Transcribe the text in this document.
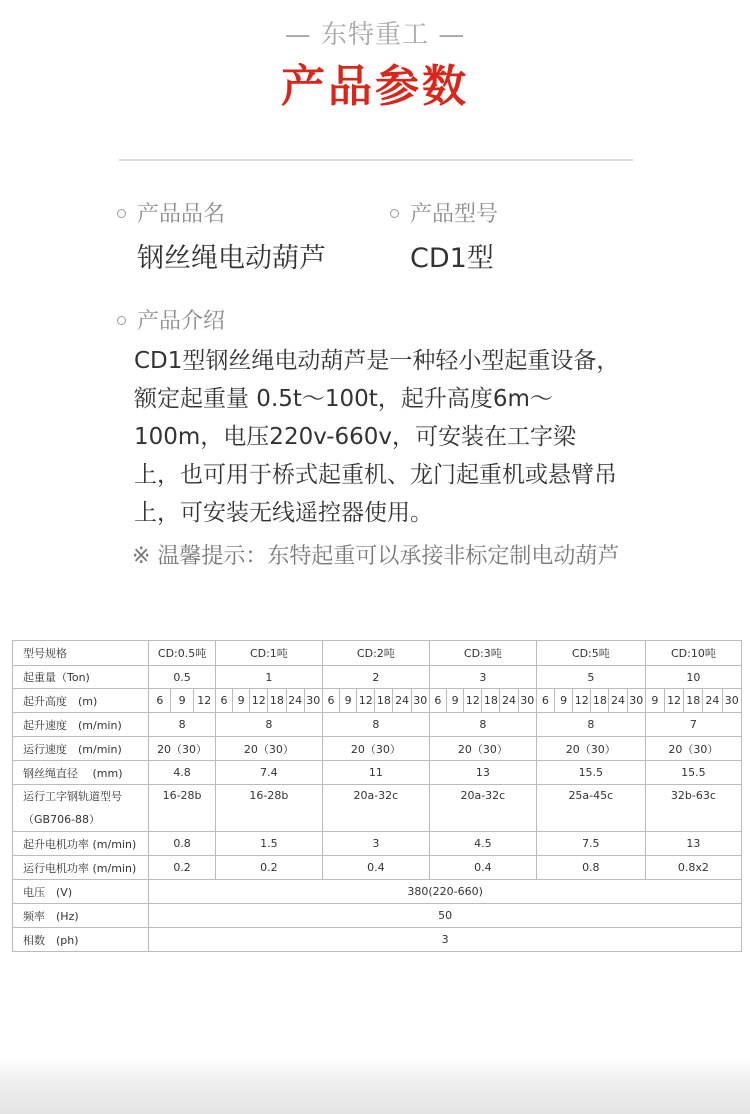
— 东特重工 —
产品参数
产品品名
钢丝绳电动葫芦
产品型号
CD1型
产品介绍

CD1型钢丝绳电动葫芦是一种轻小型起重设备，额定起重量 0.5t～100t，起升高度6m～100m，电压220v-660v，可安装在工字梁上，也可用于桥式起重机、龙门起重机或悬臂吊上，可安装无线遥控器使用。

※ 温馨提示：东特起重可以承接非标定制电动葫芦
型号规格	CD:0.5吨			CD:1吨						CD:2吨						CD:3吨						CD:5吨						CD:10吨				
起重量（Ton)	0.5			1						2						3						5						10				
起升高度　(m)	6	9	12	6	9	12	18	24	30	6	9	12	18	24	30	6	9	12	18	24	30	6	9	12	18	24	30	9	12	18	24	30
起升速度　(m/min)	8			8						8						8						8						7				
运行速度　(m/min)	20（30）			20（30）						20（30）						20（30）						20（30）						20（30）				
钢丝绳直径　 (mm)	4.8			7.4						11						13						15.5						15.5				

运行工字钢轨道型号
（GB706-88）	16-28b			16-28b						20a-32c						20a-32c						25a-45c						32b-63c				
起升电机功率 (m/min)	0.8			1.5						3						4.5						7.5						13				
运行电机功率 (m/min)	0.2			0.2						0.4						0.4						0.8						0.8x2				
电压　(V)	380(220-660)																															
频率　(Hz)	50																															
相数　(ph)	3																															
